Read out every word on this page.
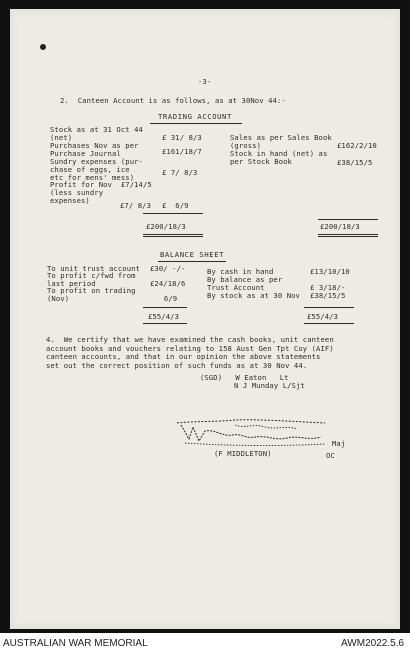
-3-
2.  Canteen Account is as follows, as at 30Nov 44:-
TRADING ACCOUNT
Stock as at 31 Oct 44
(net)	£ 31/ 8/3
Purchases Nov as per
Purchase Journal	£161/18/7
Sundry expenses (pur-
chase of eggs, ice
etc for mens' mess)
£ 7/ 8/3
Profit for Nov  £7/14/5
(less sundry
expenses)
£7/ 8/3 £  6/9
£200/18/3
Sales as per Sales Book
(gross)	£162/2/10
Stock in hand (net) as
per Stock Book	£38/15/5
£200/18/3
BALANCE SHEET
To unit trust account £30/ -/-
To profit c/fwd from
last period	£24/18/6
To profit on trading
(Nov)	6/9
£55/4/3
By cash in hand	£13/10/10
By balance as per
Trust Account	£ 3/18/-
By stock as at 30 Nov £38/15/5
£55/4/3
4.  We certify that we have examined the cash books, unit canteen
account books and vouchers relating to 158 Aust Gen Tpt Coy (AIF)
canteen accounts, and that in our opinion the above statements
set out the correct position of such funds as at 30 Nov 44.
(SGD)   W Eaton   Lt
N J Munday L/Sjt
Maj
(F MIDDLETON)	OC
AUSTRALIAN WAR MEMORIAL	AWM2022.5.6
